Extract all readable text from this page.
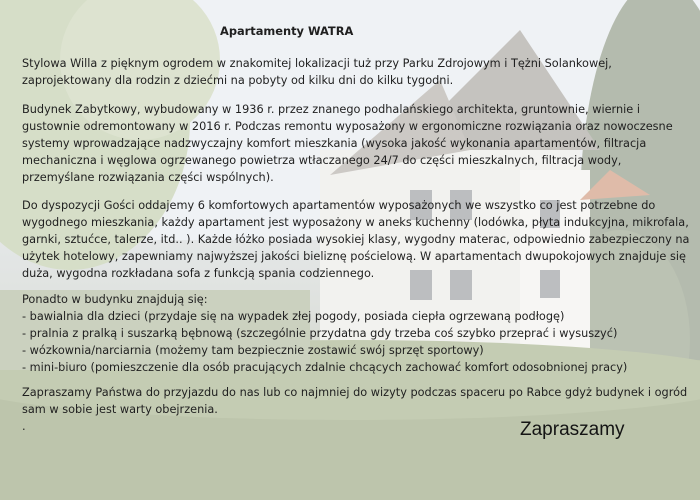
Apartamenty WATRA

Stylowa Willa z pięknym ogrodem w znakomitej lokalizacji tuż przy Parku Zdrojowym i Tężni Solankowej, zaprojektowany dla rodzin z dziećmi na pobyty od kilku dni do kilku tygodni.

Budynek Zabytkowy, wybudowany w 1936 r. przez znanego podhalańskiego architekta, gruntownie, wiernie i gustownie odremontowany w 2016 r. Podczas remontu wyposażony w ergonomiczne rozwiązania oraz nowoczesne systemy wprowadzające nadzwyczajny komfort mieszkania (wysoka jakość wykonania apartamentów, filtracja mechaniczna i węglowa ogrzewanego powietrza wtłaczanego 24/7 do części mieszkalnych, filtracja wody, przemyślane rozwiązania części wspólnych).

Do dyspozycji Gości oddajemy 6 komfortowych apartamentów wyposażonych we wszystko co jest potrzebne do wygodnego mieszkania, każdy apartament jest wyposażony w aneks kuchenny (lodówka, płyta indukcyjna, mikrofala, garnki, sztućce, talerze, itd.. ). Każde łóżko posiada wysokiej klasy, wygodny materac, odpowiednio zabezpieczony na użytek hotelowy, zapewniamy najwyższej jakości bieliznę pościelową. W apartamentach dwupokojowych znajduje się duża, wygodna rozkładana sofa z funkcją spania codziennego.

Ponadto w budynku znajdują się:
- bawialnia dla dzieci (przydaje się na wypadek złej pogody, posiada ciepła ogrzewaną podłogę)
- pralnia z pralką i suszarką bębnową (szczególnie przydatna gdy trzeba coś szybko przeprać i wysuszyć)
- wózkownia/narciarnia (możemy tam bezpiecznie zostawić swój sprzęt sportowy)
- mini-biuro (pomieszczenie dla osób pracujących zdalnie chcących zachować komfort odosobnionej pracy)

Zapraszamy Państwa do przyjazdu do nas lub co najmniej do wizyty podczas spaceru po Rabce gdyż budynek i ogród sam w sobie jest warty obejrzenia.

.	Zapraszamy
